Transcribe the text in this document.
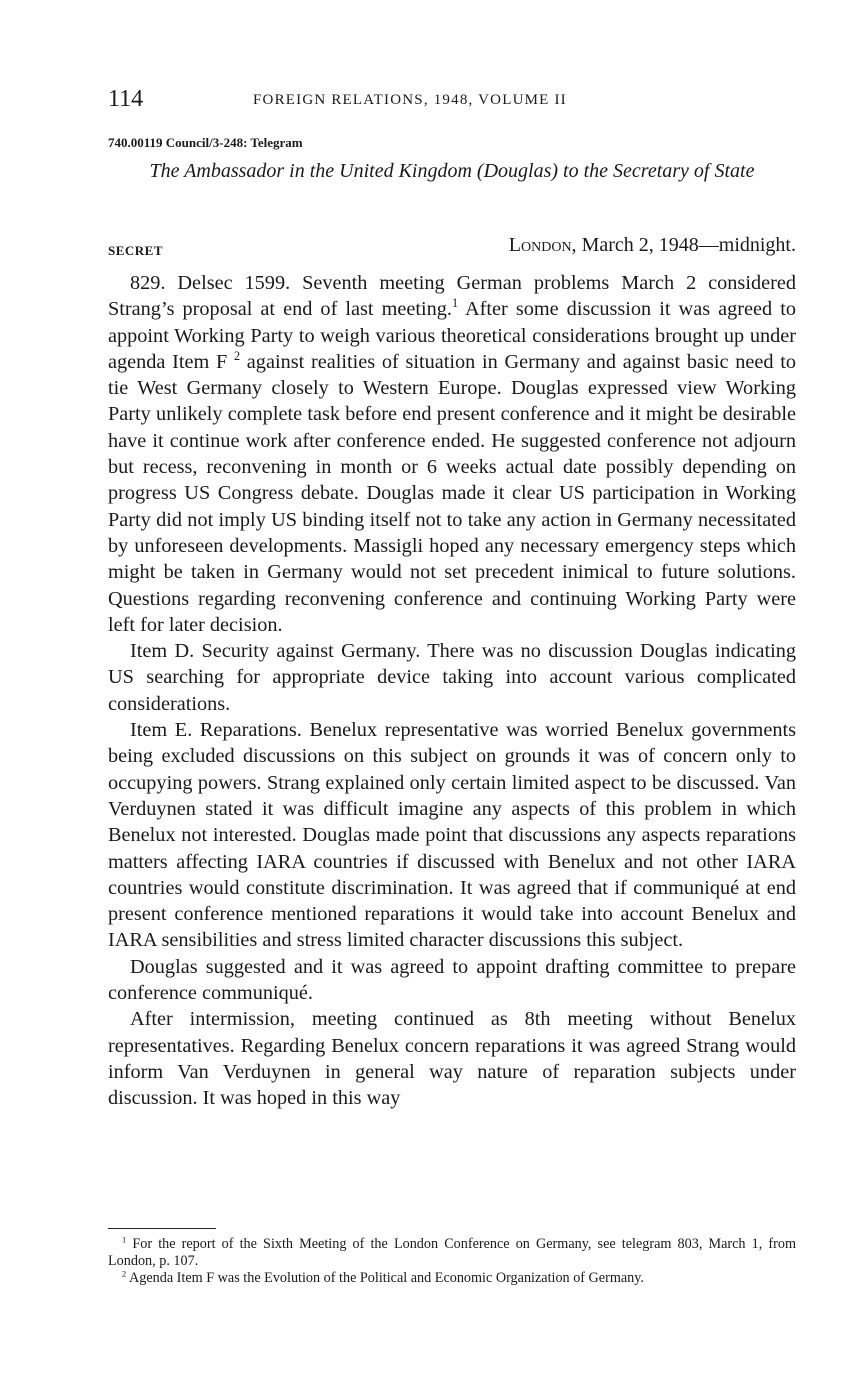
114	FOREIGN RELATIONS, 1948, VOLUME II
740.00119 Council/3-248: Telegram
The Ambassador in the United Kingdom (Douglas) to the Secretary of State
SECRET	London, March 2, 1948—midnight.

829. Delsec 1599. Seventh meeting German problems March 2 considered Strang’s proposal at end of last meeting.$^1$ After some discussion it was agreed to appoint Working Party to weigh various theoretical considerations brought up under agenda Item F $^2$ against realities of situation in Germany and against basic need to tie West Germany closely to Western Europe. Douglas expressed view Working Party unlikely complete task before end present conference and it might be desirable have it continue work after conference ended. He suggested conference not adjourn but recess, reconvening in month or 6 weeks actual date possibly depending on progress US Congress debate. Douglas made it clear US participation in Working Party did not imply US binding itself not to take any action in Germany necessitated by unforeseen developments. Massigli hoped any necessary emergency steps which might be taken in Germany would not set precedent inimical to future solutions. Questions regarding reconvening conference and continuing Working Party were left for later decision.

Item D. Security against Germany. There was no discussion Douglas indicating US searching for appropriate device taking into account various complicated considerations.

Item E. Reparations. Benelux representative was worried Benelux governments being excluded discussions on this subject on grounds it was of concern only to occupying powers. Strang explained only certain limited aspect to be discussed. Van Verduynen stated it was difficult imagine any aspects of this problem in which Benelux not interested. Douglas made point that discussions any aspects reparations matters affecting IARA countries if discussed with Benelux and not other IARA countries would constitute discrimination. It was agreed that if communiqué at end present conference mentioned reparations it would take into account Benelux and IARA sensibilities and stress limited character discussions this subject.

Douglas suggested and it was agreed to appoint drafting committee to prepare conference communiqué.

After intermission, meeting continued as 8th meeting without Benelux representatives. Regarding Benelux concern reparations it was agreed Strang would inform Van Verduynen in general way nature of reparation subjects under discussion. It was hoped in this way

$^1$ For the report of the Sixth Meeting of the London Conference on Germany, see telegram 803, March 1, from London, p. 107.

$^2$ Agenda Item F was the Evolution of the Political and Economic Organization of Germany.
